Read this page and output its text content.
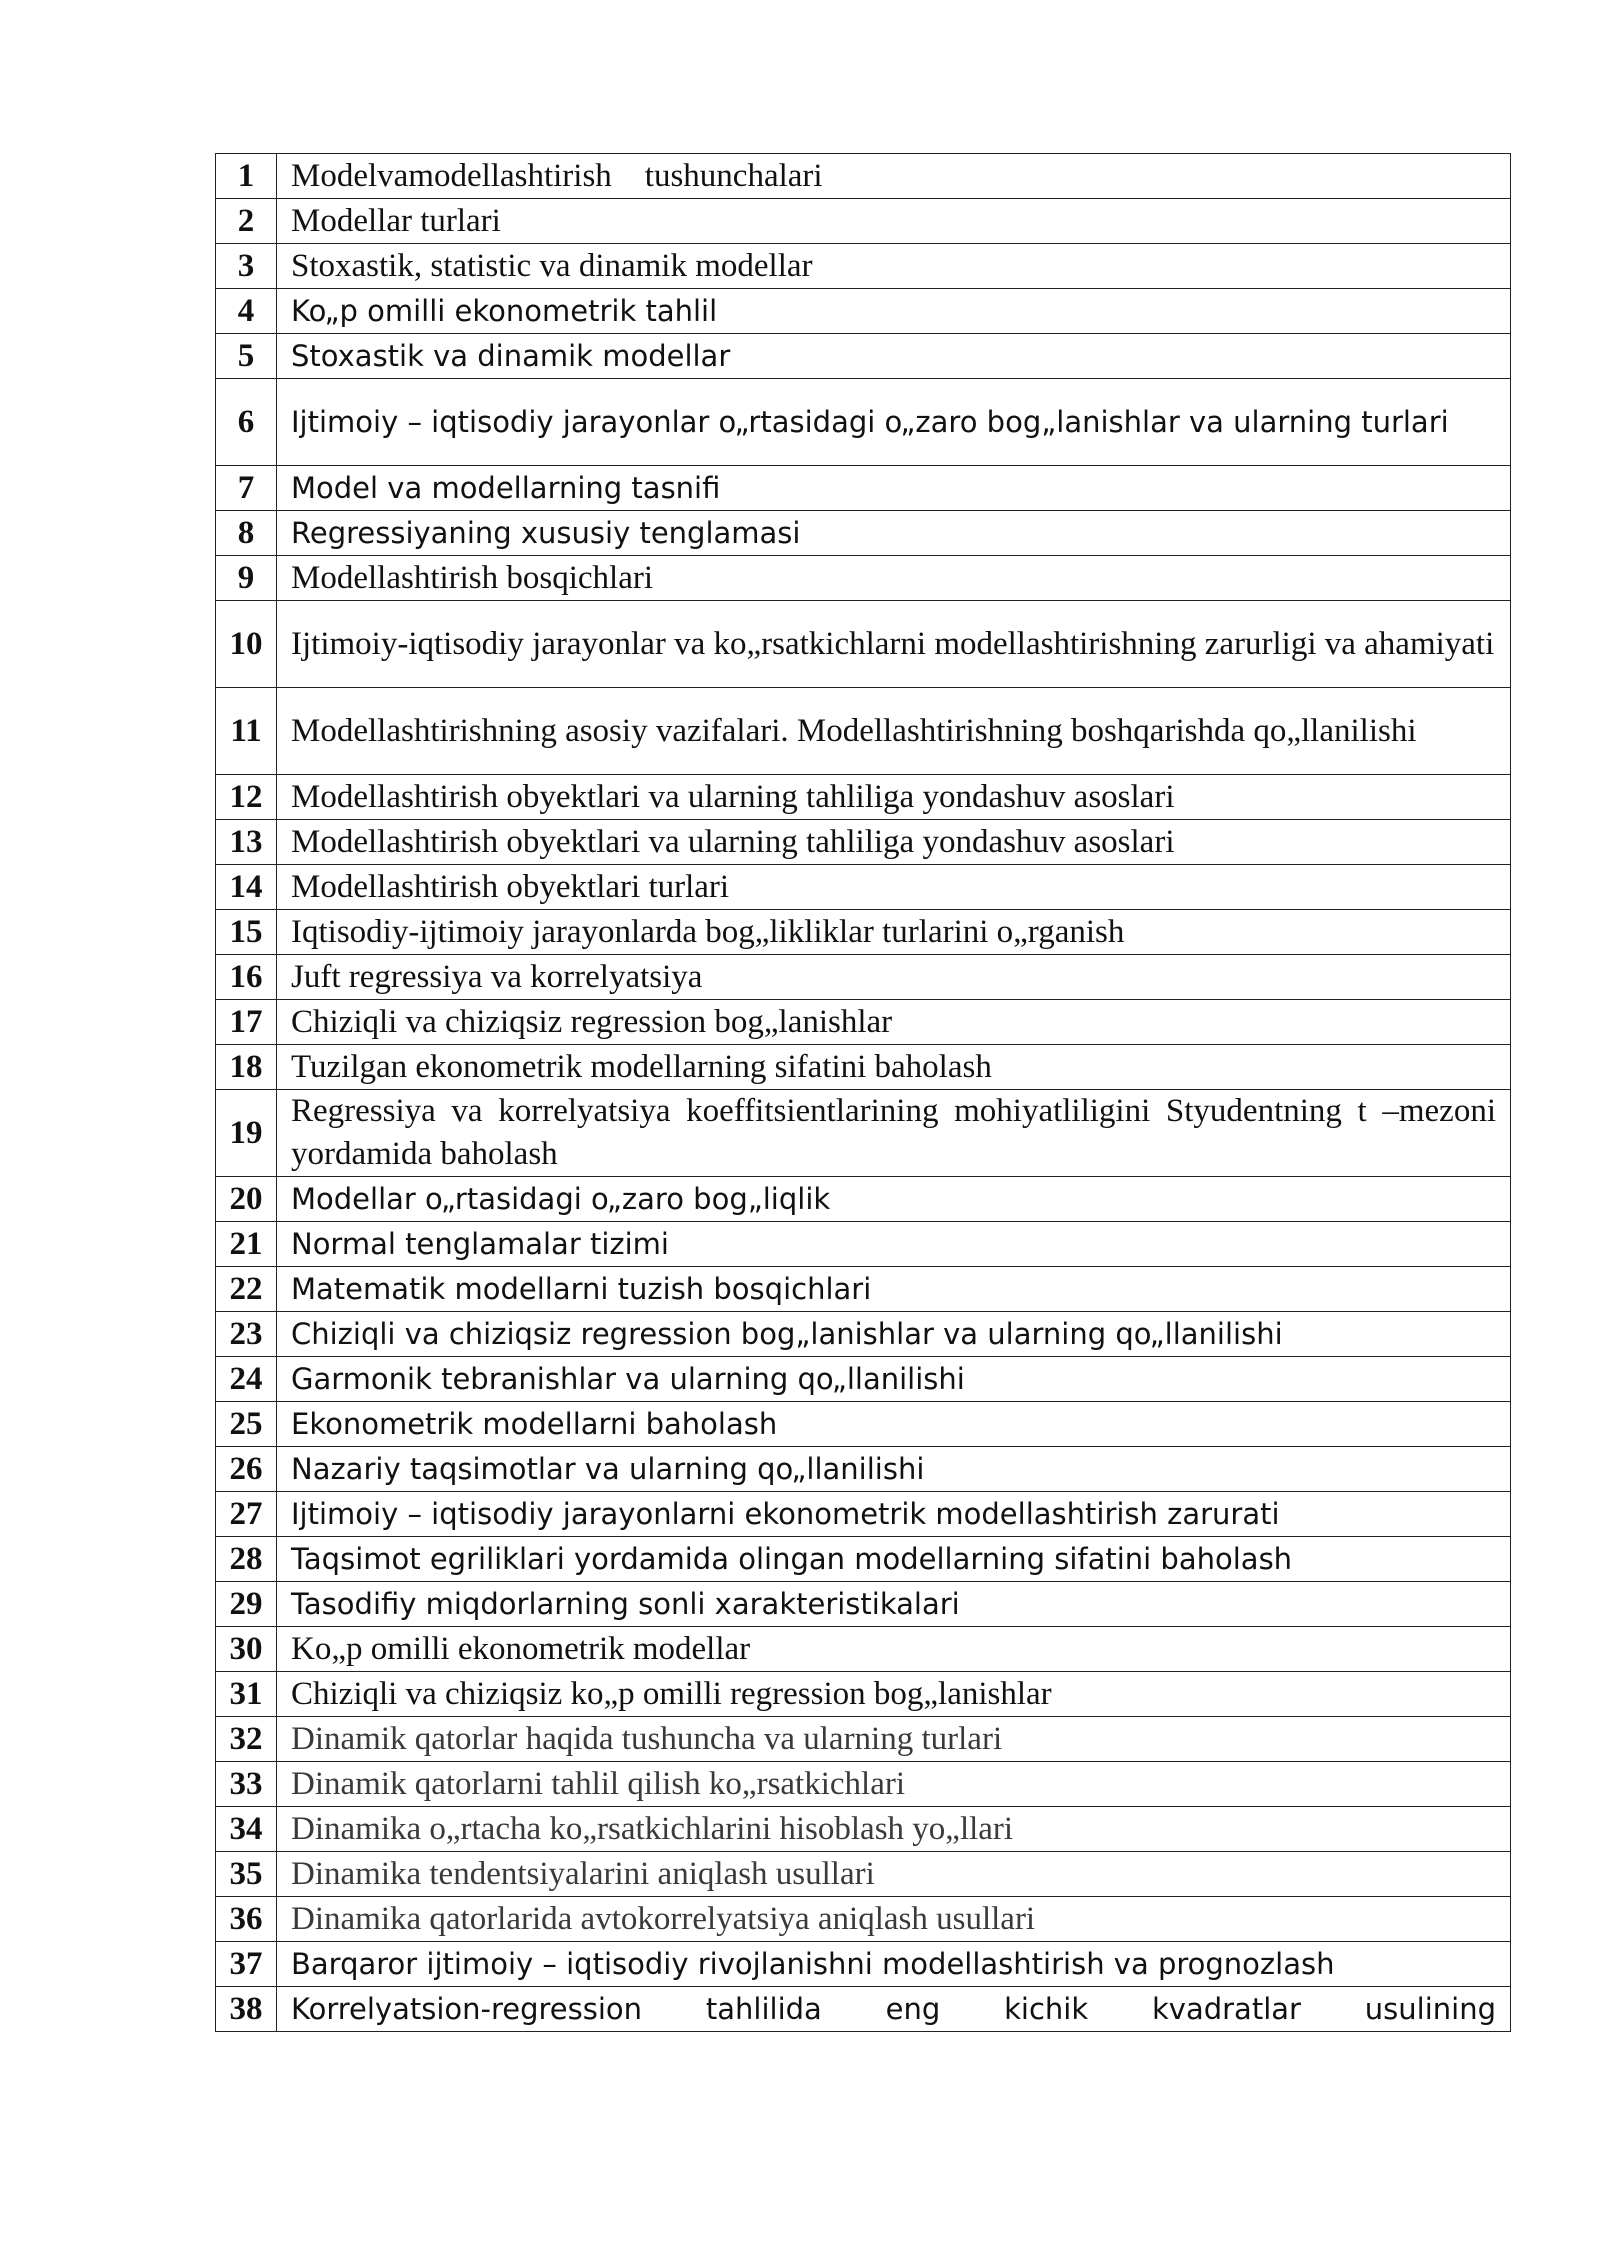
1	Modelvamodellashtirish    tushunchalari
2	Modellar turlari
3	Stoxastik, statistic va dinamik modellar
4	Ko„p omilli ekonometrik tahlil
5	Stoxastik va dinamik modellar
6	Ijtimoiy – iqtisodiy jarayonlar o„rtasidagi o„zaro bog„lanishlar va ularning turlari
7	Model va modellarning tasnifi
8	Regressiyaning xususiy tenglamasi
9	Modellashtirish bosqichlari
10	Ijtimoiy-iqtisodiy jarayonlar va ko„rsatkichlarni modellashtirishning zarurligi va ahamiyati
11	Modellashtirishning asosiy vazifalari. Modellashtirishning boshqarishda qo„llanilishi
12	Modellashtirish obyektlari va ularning tahliliga yondashuv asoslari
13	Modellashtirish obyektlari va ularning tahliliga yondashuv asoslari
14	Modellashtirish obyektlari turlari
15	Iqtisodiy-ijtimoiy jarayonlarda bog„likliklar turlarini o„rganish
16	Juft regressiya va korrelyatsiya
17	Chiziqli va chiziqsiz regression bog„lanishlar
18	Tuzilgan ekonometrik modellarning sifatini baholash
19	Regressiya va korrelyatsiya koeffitsientlarining mohiyatliligini Styudentning t –mezoni yordamida baholash
20	Modellar o„rtasidagi o„zaro bog„liqlik
21	Normal tenglamalar tizimi
22	Matematik modellarni tuzish bosqichlari
23	Chiziqli va chiziqsiz regression bog„lanishlar va ularning qo„llanilishi
24	Garmonik tebranishlar va ularning qo„llanilishi
25	Ekonometrik modellarni baholash
26	Nazariy taqsimotlar va ularning qo„llanilishi
27	Ijtimoiy – iqtisodiy jarayonlarni ekonometrik modellashtirish zarurati
28	Taqsimot egriliklari yordamida olingan modellarning sifatini baholash
29	Tasodifiy miqdorlarning sonli xarakteristikalari
30	Ko„p omilli ekonometrik modellar
31	Chiziqli va chiziqsiz ko„p omilli regression bog„lanishlar
32	Dinamik qatorlar haqida tushuncha va ularning turlari
33	Dinamik qatorlarni tahlil qilish ko„rsatkichlari
34	Dinamika o„rtacha ko„rsatkichlarini hisoblash yo„llari
35	Dinamika tendentsiyalarini aniqlash usullari
36	Dinamika qatorlarida avtokorrelyatsiya aniqlash usullari
37	Barqaror ijtimoiy – iqtisodiy rivojlanishni modellashtirish va prognozlash
38	Korrelyatsion-regression tahlilida eng kichik kvadratlar usulining
